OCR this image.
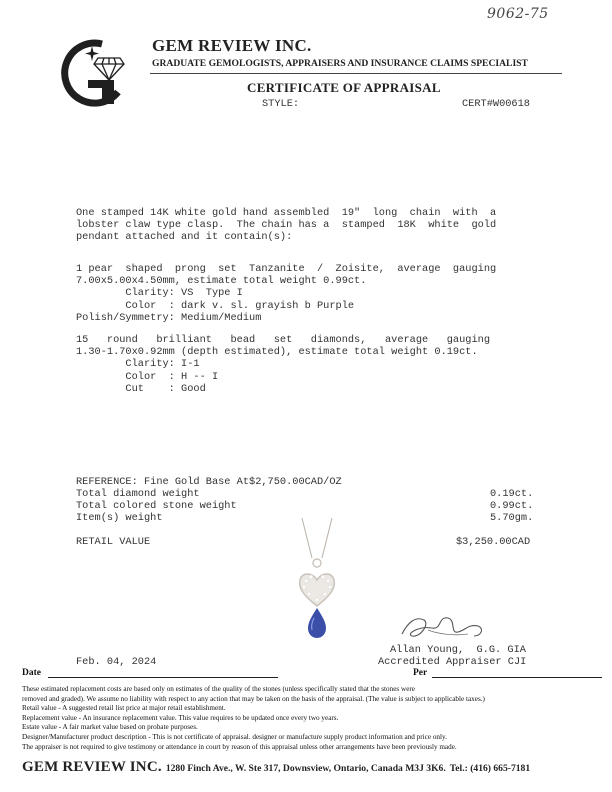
9062-75
GEM REVIEW INC.
GRADUATE GEMOLOGISTS, APPRAISERS AND INSURANCE CLAIMS SPECIALIST
CERTIFICATE OF APPRAISAL
STYLE:	CERT#W00618
One stamped 14K white gold hand assembled  19"  long  chain  with  a
lobster claw type clasp.  The chain has a  stamped  18K  white  gold
pendant attached and it contain(s):
1 pear  shaped  prong  set  Tanzanite  /  Zoisite,  average  gauging
7.00x5.00x4.50mm, estimate total weight 0.99ct.
Clarity: VS  Type I
Color  : dark v. sl. grayish b Purple
Polish/Symmetry: Medium/Medium
15   round   brilliant   bead   set   diamonds,   average   gauging
1.30-1.70x0.92mm (depth estimated), estimate total weight 0.19ct.
Clarity: I-1
Color  : H -- I
Cut    : Good
REFERENCE: Fine Gold Base At$2,750.00CAD/OZ
Total diamond weight	0.19ct.
Total colored stone weight	0.99ct.
Item(s) weight	5.70gm.
RETAIL VALUE	$3,250.00CAD
Allan Young,  G.G. GIA
Feb. 04, 2024	Accredited Appraiser CJI
Date	Per
These estimated replacement costs are based only on estimates of the quality of the stones (unless specifically stated that the stones were
removed and graded). We assume no liability with respect to any action that may be taken on the basis of the appraisal. (The value is subject to applicable taxes.)
Retail value - A suggested retail list price at major retail establishment.
Replacement value - An insurance replacement value. This value requires to be updated once every two years.
Estate value - A fair market value based on probate purposes.
Designer/Manufacturer product description - This is not certificate of appraisal. designer or manufacture supply product information and price only.
The appraiser is not required to give testimony or attendance in court by reason of this appraisal unless other arrangements have been previously made.
GEM REVIEW INC. 1280 Finch Ave., W. Ste 317, Downsview, Ontario, Canada M3J 3K6. Tel.: (416) 665-7181
